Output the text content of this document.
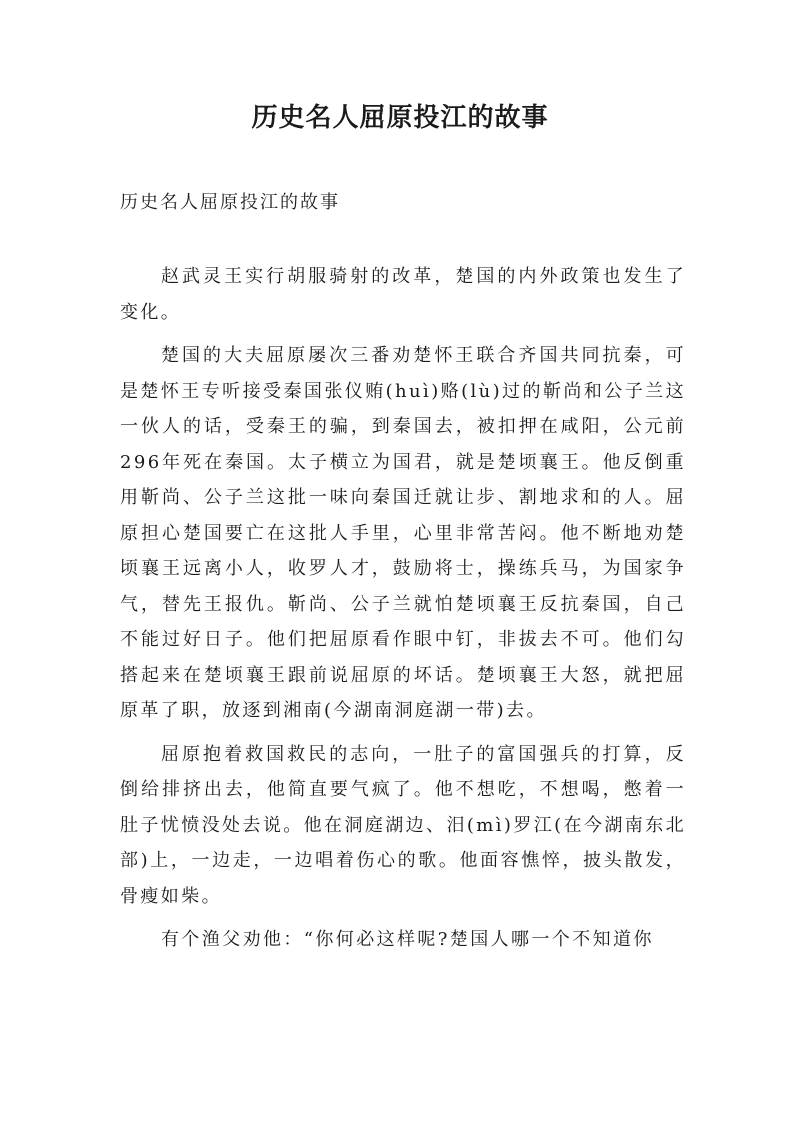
历史名人屈原投江的故事

历史名人屈原投江的故事

赵武灵王实行胡服骑射的改革，楚国的内外政策也发生了变化。

楚国的大夫屈原屡次三番劝楚怀王联合齐国共同抗秦，可是楚怀王专听接受秦国张仪贿(huì)赂(lù)过的靳尚和公子兰这一伙人的话，受秦王的骗，到秦国去，被扣押在咸阳，公元前296年死在秦国。太子横立为国君，就是楚顷襄王。他反倒重用靳尚、公子兰这批一味向秦国迁就让步、割地求和的人。屈原担心楚国要亡在这批人手里，心里非常苦闷。他不断地劝楚顷襄王远离小人，收罗人才，鼓励将士，操练兵马，为国家争气，替先王报仇。靳尚、公子兰就怕楚顷襄王反抗秦国，自己不能过好日子。他们把屈原看作眼中钉，非拔去不可。他们勾搭起来在楚顷襄王跟前说屈原的坏话。楚顷襄王大怒，就把屈原革了职，放逐到湘南(今湖南洞庭湖一带)去。

屈原抱着救国救民的志向，一肚子的富国强兵的打算，反倒给排挤出去，他简直要气疯了。他不想吃，不想喝，憋着一肚子忧愤没处去说。他在洞庭湖边、汨(mì)罗江(在今湖南东北部)上，一边走，一边唱着伤心的歌。他面容憔悴，披头散发，骨瘦如柴。

有个渔父劝他：“你何必这样呢?楚国人哪一个不知道你
